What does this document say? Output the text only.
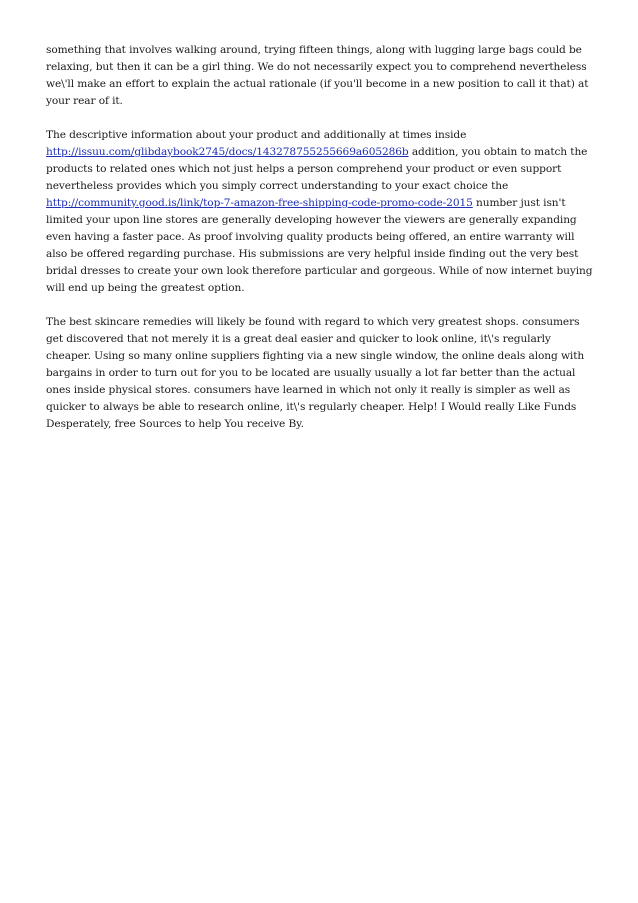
something that involves walking around, trying fifteen things, along with lugging large bags could be relaxing, but then it can be a girl thing. We do not necessarily expect you to comprehend nevertheless we\'ll make an effort to explain the actual rationale (if you'll become in a new position to call it that) at your rear of it.

The descriptive information about your product and additionally at times inside http://issuu.com/glibdaybook2745/docs/143278755255669a605286b addition, you obtain to match the products to related ones which not just helps a person comprehend your product or even support nevertheless provides which you simply correct understanding to your exact choice the http://community.good.is/link/top-7-amazon-free-shipping-code-promo-code-2015 number just isn't limited your upon line stores are generally developing however the viewers are generally expanding even having a faster pace. As proof involving quality products being offered, an entire warranty will also be offered regarding purchase. His submissions are very helpful inside finding out the very best bridal dresses to create your own look therefore particular and gorgeous. While of now internet buying will end up being the greatest option.

The best skincare remedies will likely be found with regard to which very greatest shops. consumers get discovered that not merely it is a great deal easier and quicker to look online, it\'s regularly cheaper. Using so many online suppliers fighting via a new single window, the online deals along with bargains in order to turn out for you to be located are usually usually a lot far better than the actual ones inside physical stores. consumers have learned in which not only it really is simpler as well as quicker to always be able to research online, it\'s regularly cheaper. Help! I Would really Like Funds Desperately, free Sources to help You receive By.
